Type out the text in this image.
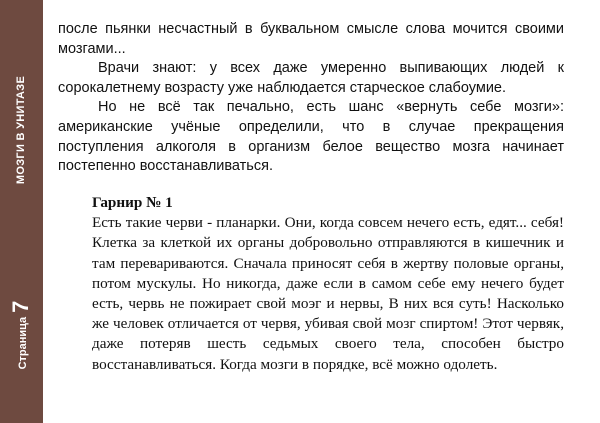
МОЗГИ В УНИТАЗЕ
Страница7

после пьянки несчастный в буквальном смысле слова мочится своими мозгами...

Врачи знают: у всех даже умеренно выпивающих людей к сорокалетнему возрасту уже наблюдается старческое слабоумие.

Но не всё так печально, есть шанс «вернуть себе мозги»: американские учёные определили, что в случае прекращения поступления алкоголя в организм белое вещество мозга начинает постепенно восстанавливаться.

Гарнир № 1

Есть такие черви - планарки. Они, когда совсем нечего есть, едят... себя! Клетка за клеткой их органы добровольно отправляются в кишечник и там перевариваются. Сначала приносят себя в жертву половые органы, потом мускулы. Но никогда, даже если в самом себе ему нечего будет есть, червь не пожирает свой моэг и нервы, В них вся суть! Насколько же человек отличается от червя, убивая свой мозг спиртом! Этот червяк, даже потеряв шесть седьмых своего тела, способен быстро восстанавливаться. Когда мозги в порядке, всё можно одолеть.
